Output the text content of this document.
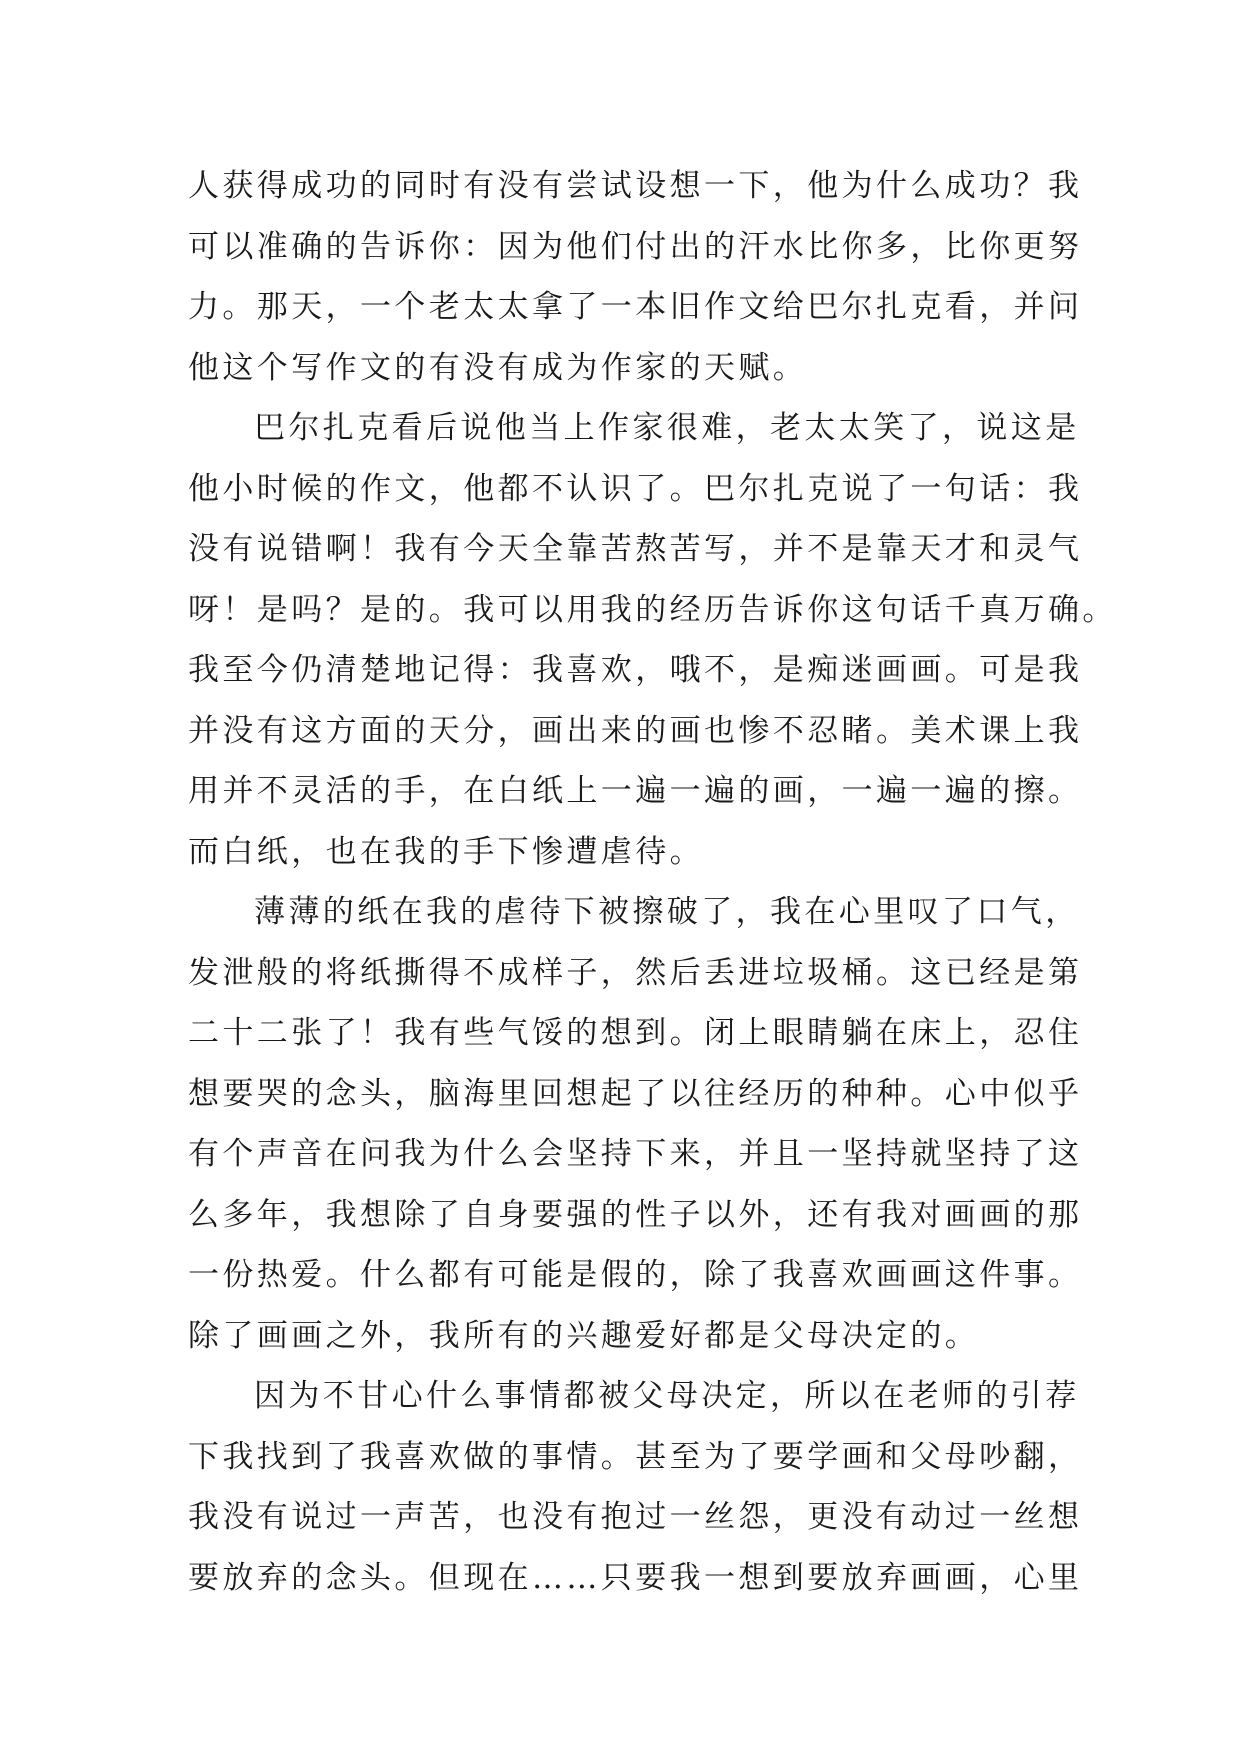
人获得成功的同时有没有尝试设想一下，他为什么成功？我
可以准确的告诉你：因为他们付出的汗水比你多，比你更努
力。那天，一个老太太拿了一本旧作文给巴尔扎克看，并问
他这个写作文的有没有成为作家的天赋。
巴尔扎克看后说他当上作家很难，老太太笑了，说这是
他小时候的作文，他都不认识了。巴尔扎克说了一句话：我
没有说错啊！我有今天全靠苦熬苦写，并不是靠天才和灵气
呀！是吗？是的。我可以用我的经历告诉你这句话千真万确。
我至今仍清楚地记得：我喜欢，哦不，是痴迷画画。可是我
并没有这方面的天分，画出来的画也惨不忍睹。美术课上我
用并不灵活的手，在白纸上一遍一遍的画，一遍一遍的擦。
而白纸，也在我的手下惨遭虐待。
薄薄的纸在我的虐待下被擦破了，我在心里叹了口气，
发泄般的将纸撕得不成样子，然后丢进垃圾桶。这已经是第
二十二张了！我有些气馁的想到。闭上眼睛躺在床上，忍住
想要哭的念头，脑海里回想起了以往经历的种种。心中似乎
有个声音在问我为什么会坚持下来，并且一坚持就坚持了这
么多年，我想除了自身要强的性子以外，还有我对画画的那
一份热爱。什么都有可能是假的，除了我喜欢画画这件事。
除了画画之外，我所有的兴趣爱好都是父母决定的。
因为不甘心什么事情都被父母决定，所以在老师的引荐
下我找到了我喜欢做的事情。甚至为了要学画和父母吵翻，
我没有说过一声苦，也没有抱过一丝怨，更没有动过一丝想
要放弃的念头。但现在……只要我一想到要放弃画画，心里
